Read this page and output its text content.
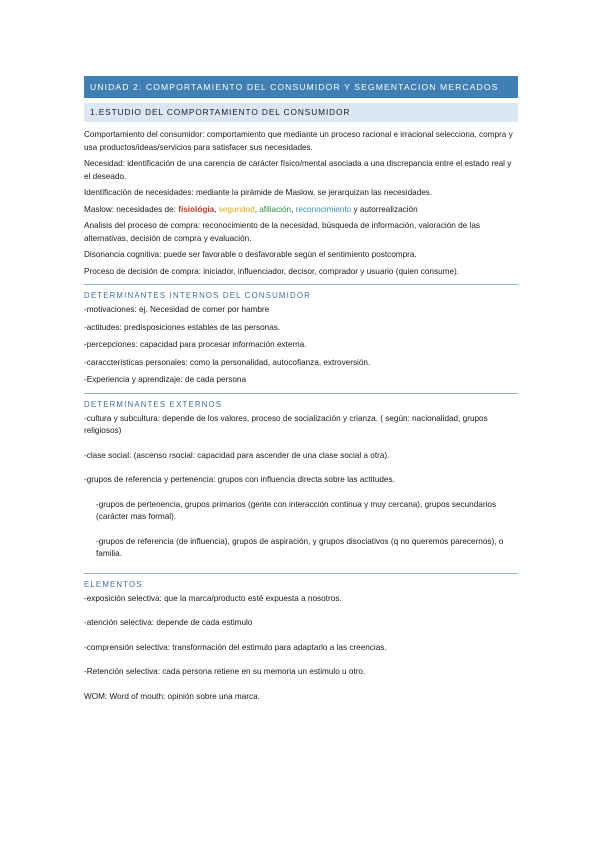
UNIDAD 2: COMPORTAMIENTO DEL CONSUMIDOR Y SEGMENTACION MERCADOS
1.ESTUDIO DEL COMPORTAMIENTO DEL CONSUMIDOR

Comportamiento del consumidor: comportamiento que mediante un proceso racional e irracional selecciona, compra y usa productos/ideas/servicios para satisfacer sus necesidades.

Necesidad: identificación de una carencia de carácter físico/mental asociada a una discrepancia entre el estado real y el deseado.

Identificación de necesidades: mediante la pirámide de Maslow, se jerarquizan las necesidades.

Maslow: necesidades de: fisiológia, seguridad, afiliación, reconocimiento y autorrealización

Analisis del proceso de compra: reconocimiento de la necesidad, búsqueda de información, valoración de las alternativas, decisión de compra y evaluación.

Disonancia cognitiva: puede ser favorable o desfavorable según el sentimiento postcompra.

Proceso de decisión de compra: iniciador, influenciador, decisor, comprador y usuario (quien consume).

DETERMINANTES INTERNOS DEL CONSUMIDOR

-motivaciones: ej. Necesidad de comer por hambre

-actitudes: predisposiciones estables de las personas.

-percepciones: capacidad para procesar información externa.

-caraccteristicas personales: como la personalidad, autocofianza, extroversión.

-Experiencia y aprendizaje: de cada persona

DETERMINANTES EXTERNOS

-cultura y subcultura: depende de los valores, proceso de socialización y crianza. ( según: nacionalidad, grupos religiosos)

-clase social: (ascenso rsocial: capacidad para ascender de una clase social a otra).

-grupos de referencia y pertenencia: grupos con influencia directa sobre las actitudes.

-grupos de pertenencia, grupos primarios (gente con interacción continua y muy cercana), grupos secundarios (carácter mas formal).

-grupos de referencia (de influencia), grupos de aspiración, y grupos disociativos (q no queremos parecernos), o familia.

ELEMENTOS

-exposición selectiva: que la marca/producto esté expuesta a nosotros.

-atención selectiva: depende de cada estimulo

-comprensión selectiva: transformación del estimulo para adaptarlo a las creencias.

-Retención selectiva: cada persona retiene en su memoria un estimulo u otro.

WOM: Word of mouth: opinión sobre una marca.
